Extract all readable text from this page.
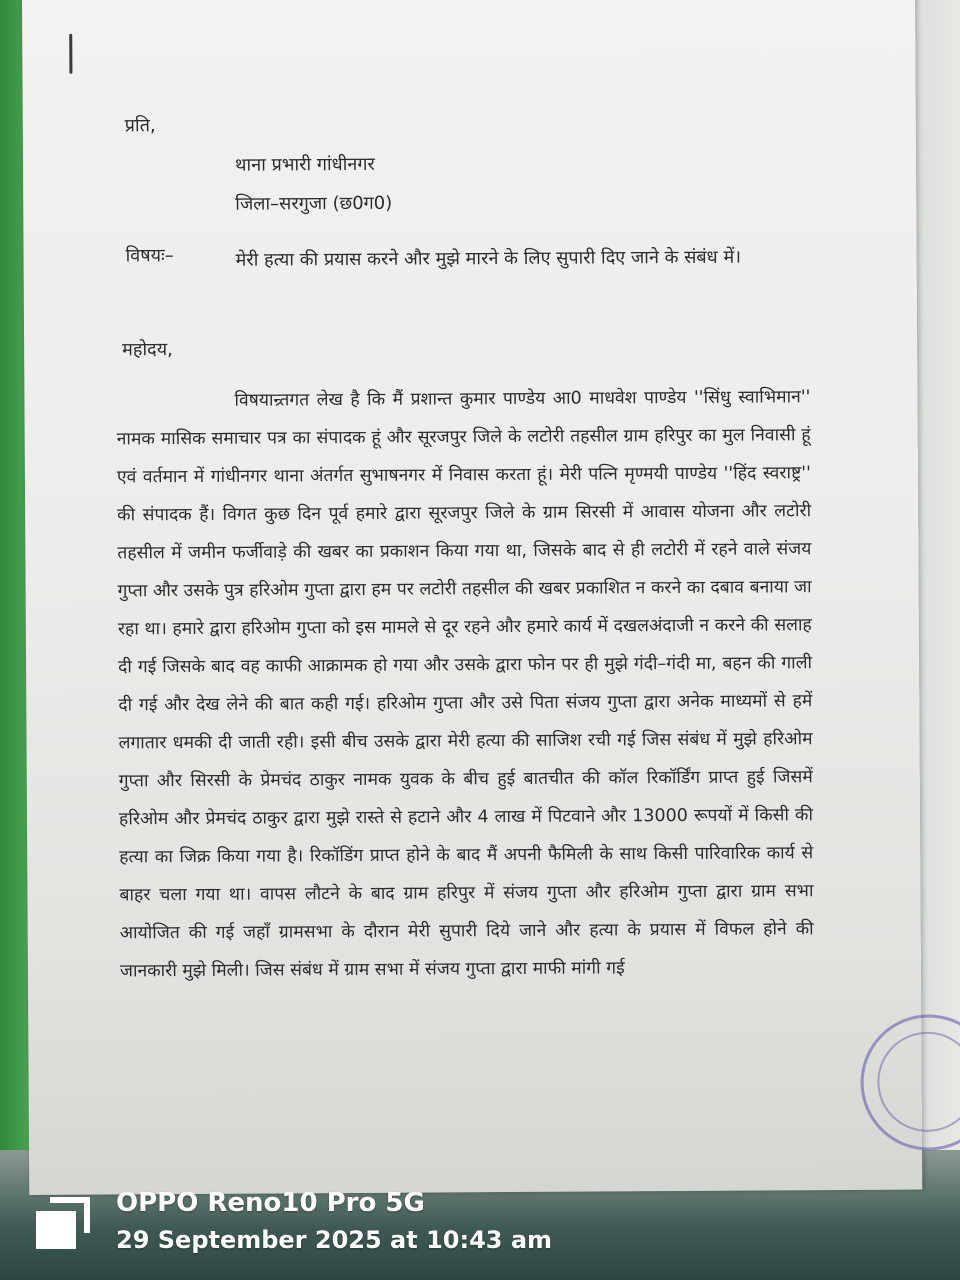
प्रति,
थाना प्रभारी गांधीनगर
जिला–सरगुजा (छ0ग0)
विषयः–	मेरी हत्या की प्रयास करने और मुझे मारने के लिए सुपारी दिए जाने के संबंध में।
महोदय,
विषयान्र्तगत लेख है कि मैं प्रशान्त कुमार पाण्डेय आ0 माधवेश पाण्डेय ''सिंधु स्वाभिमान'' नामक मासिक समाचार पत्र का संपादक हूं और सूरजपुर जिले के लटोरी तहसील ग्राम हरिपुर का मुल निवासी हूं एवं वर्तमान में गांधीनगर थाना अंतर्गत सुभाषनगर में निवास करता हूं। मेरी पत्नि मृण्मयी पाण्डेय ''हिंद स्वराष्ट्र'' की संपादक हैं। विगत कुछ दिन पूर्व हमारे द्वारा सूरजपुर जिले के ग्राम सिरसी में आवास योजना और लटोरी तहसील में जमीन फर्जीवाड़े की खबर का प्रकाशन किया गया था, जिसके बाद से ही लटोरी में रहने वाले संजय गुप्ता और उसके पुत्र हरिओम गुप्ता द्वारा हम पर लटोरी तहसील की खबर प्रकाशित न करने का दबाव बनाया जा रहा था। हमारे द्वारा हरिओम गुप्ता को इस मामले से दूर रहने और हमारे कार्य में दखलअंदाजी न करने की सलाह दी गई जिसके बाद वह काफी आक्रामक हो गया और उसके द्वारा फोन पर ही मुझे गंदी–गंदी मा, बहन की गाली दी गई और देख लेने की बात कही गई। हरिओम गुप्ता और उसे पिता संजय गुप्ता द्वारा अनेक माध्यमों से हमें लगातार धमकी दी जाती रही। इसी बीच उसके द्वारा मेरी हत्या की साजिश रची गई जिस संबंध में मुझे हरिओम गुप्ता और सिरसी के प्रेमचंद ठाकुर नामक युवक के बीच हुई बातचीत की कॉल रिकॉर्डिंग प्राप्त हुई जिसमें हरिओम और प्रेमचंद ठाकुर द्वारा मुझे रास्ते से हटाने और 4 लाख में पिटवाने और 13000 रूपयों में किसी की हत्या का जिक्र किया गया है। रिकॉडिंग प्राप्त होने के बाद मैं अपनी फैमिली के साथ किसी पारिवारिक कार्य से बाहर चला गया था। वापस लौटने के बाद ग्राम हरिपुर में संजय गुप्ता और हरिओम गुप्ता द्वारा ग्राम सभा आयोजित की गई जहाँ ग्रामसभा के दौरान मेरी सुपारी दिये जाने और हत्या के प्रयास में विफल होने की जानकारी मुझे मिली। जिस संबंध में ग्राम सभा में संजय गुप्ता द्वारा माफी मांगी गई
OPPO Reno10 Pro 5G
29 September 2025 at 10:43 am
